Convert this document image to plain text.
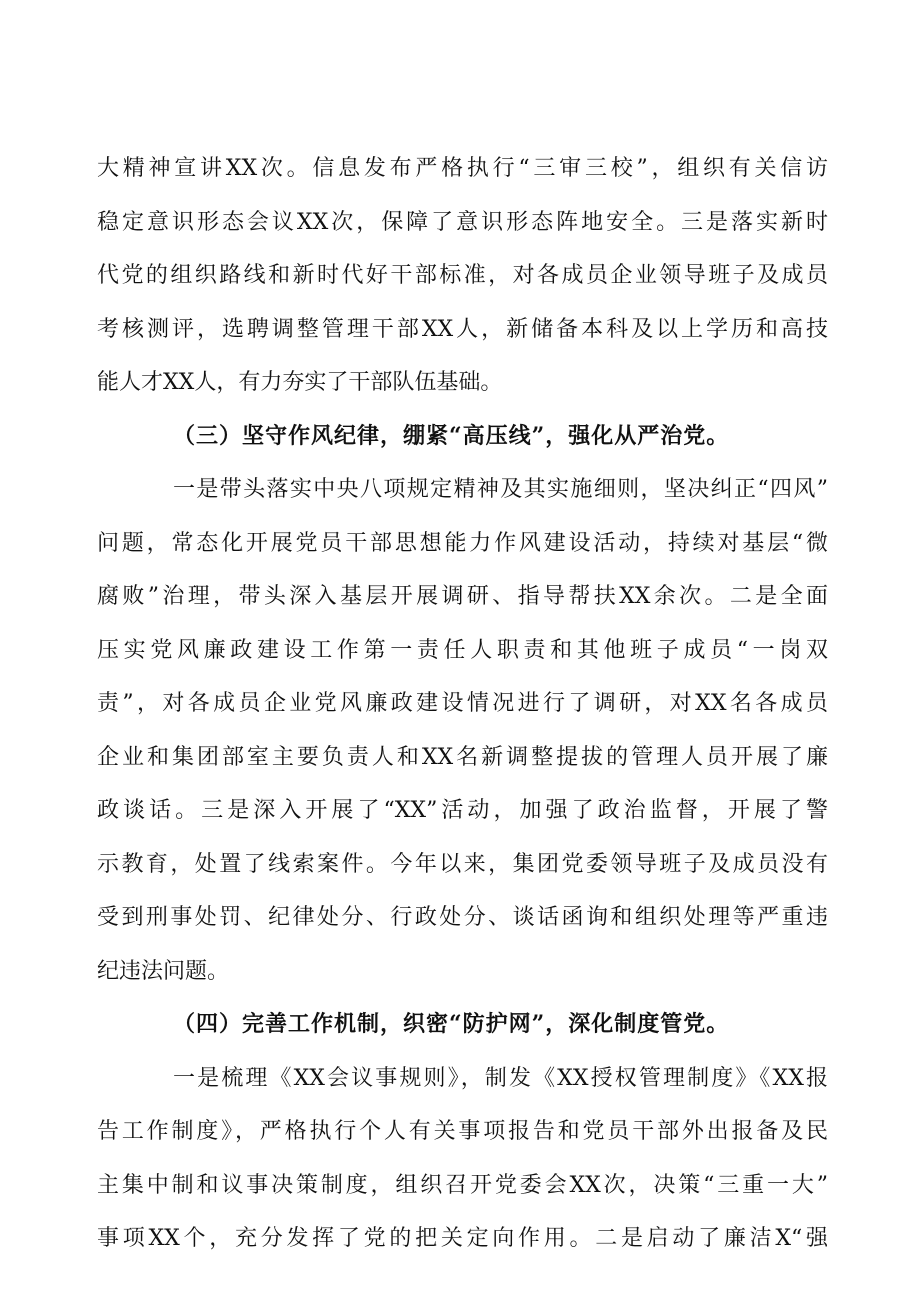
大精神宣讲XX次。信息发布严格执行“三审三校”，组织有关信访
稳定意识形态会议XX次，保障了意识形态阵地安全。三是落实新时
代党的组织路线和新时代好干部标准，对各成员企业领导班子及成员
考核测评，选聘调整管理干部XX人，新储备本科及以上学历和高技
能人才XX人，有力夯实了干部队伍基础。
（三）坚守作风纪律，绷紧“高压线”，强化从严治党。
一是带头落实中央八项规定精神及其实施细则，坚决纠正“四风”
问题，常态化开展党员干部思想能力作风建设活动，持续对基层“微
腐败”治理，带头深入基层开展调研、指导帮扶XX余次。二是全面
压实党风廉政建设工作第一责任人职责和其他班子成员“一岗双
责”，对各成员企业党风廉政建设情况进行了调研，对XX名各成员
企业和集团部室主要负责人和XX名新调整提拔的管理人员开展了廉
政谈话。三是深入开展了“XX”活动，加强了政治监督，开展了警
示教育，处置了线索案件。今年以来，集团党委领导班子及成员没有
受到刑事处罚、纪律处分、行政处分、谈话函询和组织处理等严重违
纪违法问题。
（四）完善工作机制，织密“防护网”，深化制度管党。
一是梳理《XX会议事规则》，制发《XX授权管理制度》《XX报
告工作制度》，严格执行个人有关事项报告和党员干部外出报备及民
主集中制和议事决策制度，组织召开党委会XX次，决策“三重一大”
事项XX个，充分发挥了党的把关定向作用。二是启动了廉洁X“强
